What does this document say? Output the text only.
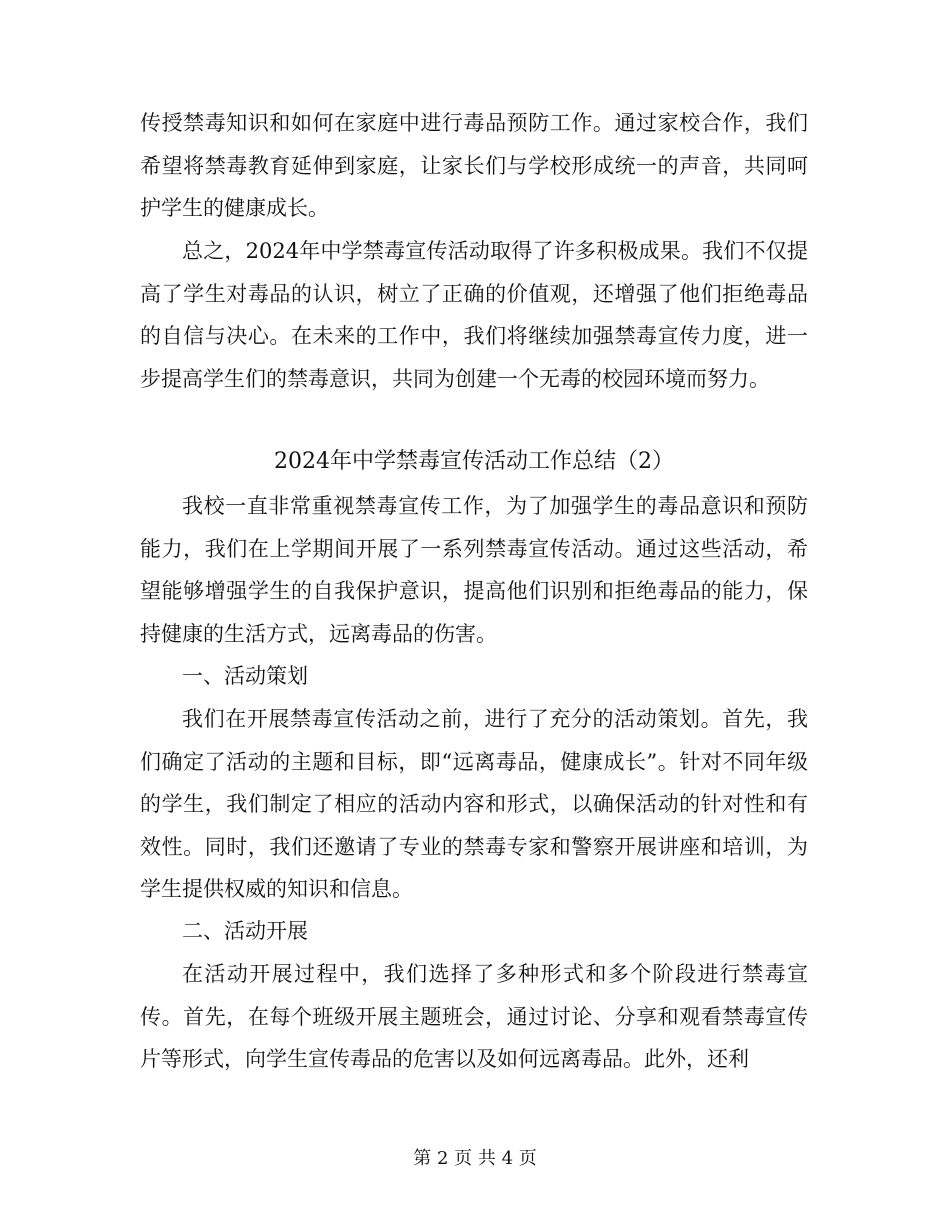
传授禁毒知识和如何在家庭中进行毒品预防工作。通过家校合作，我们希望将禁毒教育延伸到家庭，让家长们与学校形成统一的声音，共同呵护学生的健康成长。

总之，2024年中学禁毒宣传活动取得了许多积极成果。我们不仅提高了学生对毒品的认识，树立了正确的价值观，还增强了他们拒绝毒品的自信与决心。在未来的工作中，我们将继续加强禁毒宣传力度，进一步提高学生们的禁毒意识，共同为创建一个无毒的校园环境而努力。

2024年中学禁毒宣传活动工作总结（2）

我校一直非常重视禁毒宣传工作，为了加强学生的毒品意识和预防能力，我们在上学期间开展了一系列禁毒宣传活动。通过这些活动，希望能够增强学生的自我保护意识，提高他们识别和拒绝毒品的能力，保持健康的生活方式，远离毒品的伤害。

一、活动策划

我们在开展禁毒宣传活动之前，进行了充分的活动策划。首先，我们确定了活动的主题和目标，即“远离毒品，健康成长”。针对不同年级的学生，我们制定了相应的活动内容和形式，以确保活动的针对性和有效性。同时，我们还邀请了专业的禁毒专家和警察开展讲座和培训，为学生提供权威的知识和信息。

二、活动开展

在活动开展过程中，我们选择了多种形式和多个阶段进行禁毒宣传。首先，在每个班级开展主题班会，通过讨论、分享和观看禁毒宣传片等形式，向学生宣传毒品的危害以及如何远离毒品。此外，还利

第 2 页 共 4 页
